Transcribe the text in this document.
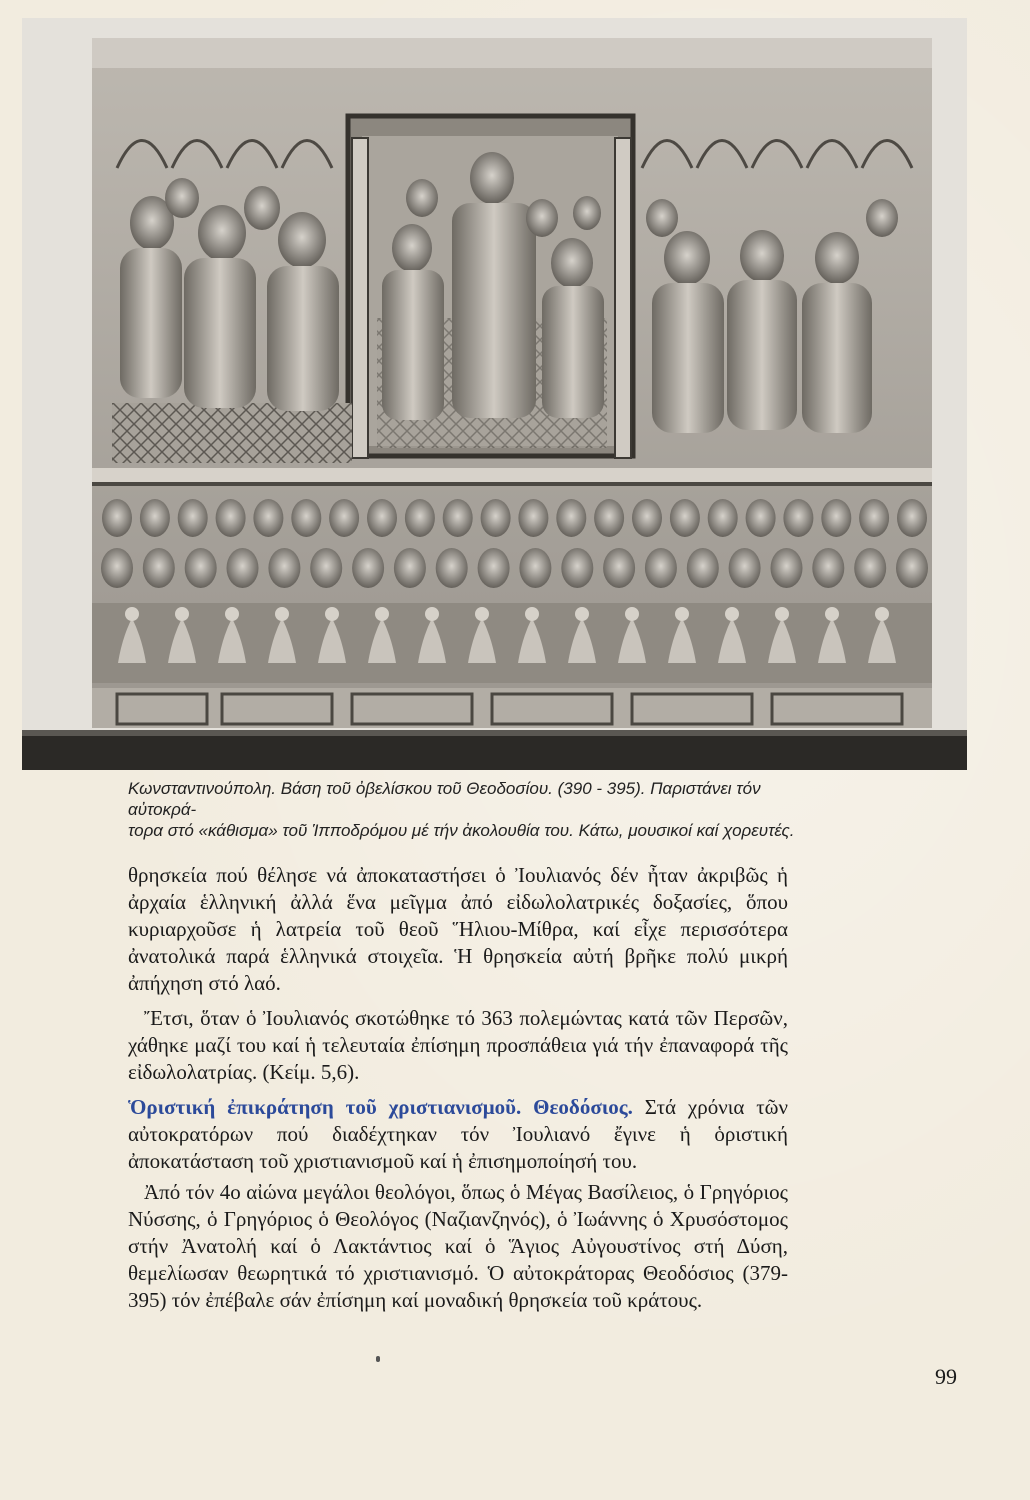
Κωνσταντινούπολη. Βάση τοῦ ὀβελίσκου τοῦ Θεοδοσίου. (390 - 395). Παριστάνει τόν αὐτοκρά-

τορα στό «κάθισμα» τοῦ Ἱπποδρόμου μέ τήν ἀκολουθία του. Κάτω, μουσικοί καί χορευτές.

θρησκεία πού θέλησε νά ἀποκαταστήσει ὁ Ἰουλιανός δέν ἦταν ἀκριβῶς ἡ ἀρχαία ἑλληνική ἀλλά ἕνα μεῖγμα ἀπό εἰδωλολατρικές δοξασίες, ὅπου κυριαρχοῦσε ἡ λατρεία τοῦ θεοῦ Ἥλιου-Μίθρα, καί εἶχε περισσότερα ἀνατολικά παρά ἑλληνικά στοιχεῖα. Ἡ θρησκεία αὐτή βρῆκε πολύ μικρή ἀπήχηση στό λαό.

Ἔτσι, ὅταν ὁ Ἰουλιανός σκοτώθηκε τό 363 πολεμώντας κατά τῶν Περσῶν, χάθηκε μαζί του καί ἡ τελευταία ἐπίσημη προσπάθεια γιά τήν ἐπαναφορά τῆς εἰδωλολατρίας. (Κείμ. 5,6).

Ὁριστική ἐπικράτηση τοῦ χριστιανισμοῦ. Θεοδόσιος. Στά χρόνια τῶν αὐτοκρατόρων πού διαδέχτηκαν τόν Ἰουλιανό ἔγινε ἡ ὁριστική ἀποκατάσταση τοῦ χριστιανισμοῦ καί ἡ ἐπισημοποίησή του.

Ἀπό τόν 4ο αἰώνα μεγάλοι θεολόγοι, ὅπως ὁ Μέγας Βασίλειος, ὁ Γρηγόριος Νύσσης, ὁ Γρηγόριος ὁ Θεολόγος (Ναζιανζηνός), ὁ Ἰωάννης ὁ Χρυσόστομος στήν Ἀνατολή καί ὁ Λακτάντιος καί ὁ Ἅγιος Αὐγουστίνος στή Δύση, θεμελίωσαν θεωρητικά τό χριστιανισμό. Ὁ αὐτοκράτορας Θεοδόσιος (379-395) τόν ἐπέβαλε σάν ἐπίσημη καί μοναδική θρησκεία τοῦ κράτους.

99
